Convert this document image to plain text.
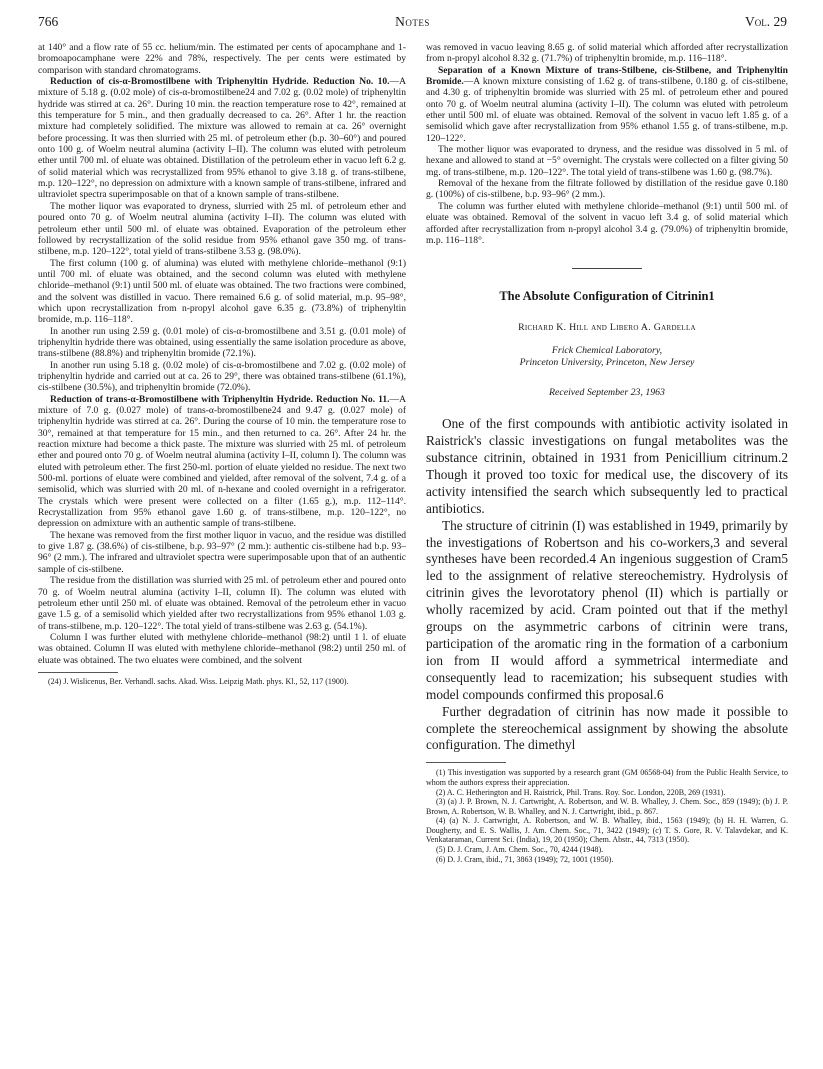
766	Notes	Vol. 29

at 140° and a flow rate of 55 cc. helium/min. The estimated per cents of apocamphane and 1-bromoapocamphane were 22% and 78%, respectively. The per cents were estimated by comparison with standard chromatograms.

Reduction of cis-α-Bromostilbene with Triphenyltin Hydride. Reduction No. 10.—A mixture of 5.18 g. (0.02 mole) of cis-α-bromostilbene24 and 7.02 g. (0.02 mole) of triphenyltin hydride was stirred at ca. 26°. During 10 min. the reaction temperature rose to 42°, remained at this temperature for 5 min., and then gradually decreased to ca. 26°. After 1 hr. the reaction mixture had completely solidified. The mixture was allowed to remain at ca. 26° overnight before processing. It was then slurried with 25 ml. of petroleum ether (b.p. 30–60°) and poured onto 100 g. of Woelm neutral alumina (activity I–II). The column was eluted with petroleum ether until 700 ml. of eluate was obtained. Distillation of the petroleum ether in vacuo left 6.2 g. of solid material which was recrystallized from 95% ethanol to give 3.18 g. of trans-stilbene, m.p. 120–122°, no depression on admixture with a known sample of trans-stilbene, infrared and ultraviolet spectra superimposable on that of a known sample of trans-stilbene.

The mother liquor was evaporated to dryness, slurried with 25 ml. of petroleum ether and poured onto 70 g. of Woelm neutral alumina (activity I–II). The column was eluted with petroleum ether until 500 ml. of eluate was obtained. Evaporation of the petroleum ether followed by recrystallization of the solid residue from 95% ethanol gave 350 mg. of trans-stilbene, m.p. 120–122°, total yield of trans-stilbene 3.53 g. (98.0%).

The first column (100 g. of alumina) was eluted with methylene chloride–methanol (9:1) until 700 ml. of eluate was obtained, and the second column was eluted with methylene chloride–methanol (9:1) until 500 ml. of eluate was obtained. The two fractions were combined, and the solvent was distilled in vacuo. There remained 6.6 g. of solid material, m.p. 95–98°, which upon recrystallization from n-propyl alcohol gave 6.35 g. (73.8%) of triphenyltin bromide, m.p. 116–118°.

In another run using 2.59 g. (0.01 mole) of cis-α-bromostilbene and 3.51 g. (0.01 mole) of triphenyltin hydride there was obtained, using essentially the same isolation procedure as above, trans-stilbene (88.8%) and triphenyltin bromide (72.1%).

In another run using 5.18 g. (0.02 mole) of cis-α-bromostilbene and 7.02 g. (0.02 mole) of triphenyltin hydride and carried out at ca. 26 to 29°, there was obtained trans-stilbene (61.1%), cis-stilbene (30.5%), and triphenyltin bromide (72.0%).

Reduction of trans-α-Bromostilbene with Triphenyltin Hydride. Reduction No. 11.—A mixture of 7.0 g. (0.027 mole) of trans-α-bromostilbene24 and 9.47 g. (0.027 mole) of triphenyltin hydride was stirred at ca. 26°. During the course of 10 min. the temperature rose to 30°, remained at that temperature for 15 min., and then returned to ca. 26°. After 24 hr. the reaction mixture had become a thick paste. The mixture was slurried with 25 ml. of petroleum ether and poured onto 70 g. of Woelm neutral alumina (activity I–II, column I). The column was eluted with petroleum ether. The first 250-ml. portion of eluate yielded no residue. The next two 500-ml. portions of eluate were combined and yielded, after removal of the solvent, 7.4 g. of a semisolid, which was slurried with 20 ml. of n-hexane and cooled overnight in a refrigerator. The crystals which were present were collected on a filter (1.65 g.), m.p. 112–114°. Recrystallization from 95% ethanol gave 1.60 g. of trans-stilbene, m.p. 120–122°, no depression on admixture with an authentic sample of trans-stilbene.

The hexane was removed from the first mother liquor in vacuo, and the residue was distilled to give 1.87 g. (38.6%) of cis-stilbene, b.p. 93–97° (2 mm.): authentic cis-stilbene had b.p. 93–96° (2 mm.). The infrared and ultraviolet spectra were superimposable upon that of an authentic sample of cis-stilbene.

The residue from the distillation was slurried with 25 ml. of petroleum ether and poured onto 70 g. of Woelm neutral alumina (activity I–II, column II). The column was eluted with petroleum ether until 250 ml. of eluate was obtained. Removal of the petroleum ether in vacuo gave 1.5 g. of a semisolid which yielded after two recrystallizations from 95% ethanol 1.03 g. of trans-stilbene, m.p. 120–122°. The total yield of trans-stilbene was 2.63 g. (54.1%).

Column I was further eluted with methylene chloride–methanol (98:2) until 1 l. of eluate was obtained. Column II was eluted with methylene chloride–methanol (98:2) until 250 ml. of eluate was obtained. The two eluates were combined, and the solvent

(24) J. Wislicenus, Ber. Verhandl. sachs. Akad. Wiss. Leipzig Math. phys. Kl., 52, 117 (1900).

was removed in vacuo leaving 8.65 g. of solid material which afforded after recrystallization from n-propyl alcohol 8.32 g. (71.7%) of triphenyltin bromide, m.p. 116–118°.

Separation of a Known Mixture of trans-Stilbene, cis-Stilbene, and Triphenyltin Bromide.—A known mixture consisting of 1.62 g. of trans-stilbene, 0.180 g. of cis-stilbene, and 4.30 g. of triphenyltin bromide was slurried with 25 ml. of petroleum ether and poured onto 70 g. of Woelm neutral alumina (activity I–II). The column was eluted with petroleum ether until 500 ml. of eluate was obtained. Removal of the solvent in vacuo left 1.85 g. of a semisolid which gave after recrystallization from 95% ethanol 1.55 g. of trans-stilbene, m.p. 120–122°.

The mother liquor was evaporated to dryness, and the residue was dissolved in 5 ml. of hexane and allowed to stand at −5° overnight. The crystals were collected on a filter giving 50 mg. of trans-stilbene, m.p. 120–122°. The total yield of trans-stilbene was 1.60 g. (98.7%).

Removal of the hexane from the filtrate followed by distillation of the residue gave 0.180 g. (100%) of cis-stilbene, b.p. 93–96° (2 mm.).

The column was further eluted with methylene chloride–methanol (9:1) until 500 ml. of eluate was obtained. Removal of the solvent in vacuo left 3.4 g. of solid material which afforded after recrystallization from n-propyl alcohol 3.4 g. (79.0%) of triphenyltin bromide, m.p. 116–118°.

The Absolute Configuration of Citrinin1
Richard K. Hill and Libero A. Gardella
Frick Chemical Laboratory,
Princeton University, Princeton, New Jersey
Received September 23, 1963

One of the first compounds with antibiotic activity isolated in Raistrick's classic investigations on fungal metabolites was the substance citrinin, obtained in 1931 from Penicillium citrinum.2 Though it proved too toxic for medical use, the discovery of its activity intensified the search which subsequently led to practical antibiotics.

The structure of citrinin (I) was established in 1949, primarily by the investigations of Robertson and his co-workers,3 and several syntheses have been recorded.4 An ingenious suggestion of Cram5 led to the assignment of relative stereochemistry. Hydrolysis of citrinin gives the levorotatory phenol (II) which is partially or wholly racemized by acid. Cram pointed out that if the methyl groups on the asymmetric carbons of citrinin were trans, participation of the aromatic ring in the formation of a carbonium ion from II would afford a symmetrical intermediate and consequently lead to racemization; his subsequent studies with model compounds confirmed this proposal.6

Further degradation of citrinin has now made it possible to complete the stereochemical assignment by showing the absolute configuration. The dimethyl

(1) This investigation was supported by a research grant (GM 06568-04) from the Public Health Service, to whom the authors express their appreciation.

(2) A. C. Hetherington and H. Raistrick, Phil. Trans. Roy. Soc. London, 220B, 269 (1931).

(3) (a) J. P. Brown, N. J. Cartwright, A. Robertson, and W. B. Whalley, J. Chem. Soc., 859 (1949); (b) J. P. Brown, A. Robertson, W. B. Whalley, and N. J. Cartwright, ibid., p. 867.

(4) (a) N. J. Cartwright, A. Robertson, and W. B. Whalley, ibid., 1563 (1949); (b) H. H. Warren, G. Dougherty, and E. S. Wallis, J. Am. Chem. Soc., 71, 3422 (1949); (c) T. S. Gore, R. V. Talavdekar, and K. Venkataraman, Current Sci. (India), 19, 20 (1950); Chem. Abstr., 44, 7313 (1950).

(5) D. J. Cram, J. Am. Chem. Soc., 70, 4244 (1948).

(6) D. J. Cram, ibid., 71, 3863 (1949); 72, 1001 (1950).
